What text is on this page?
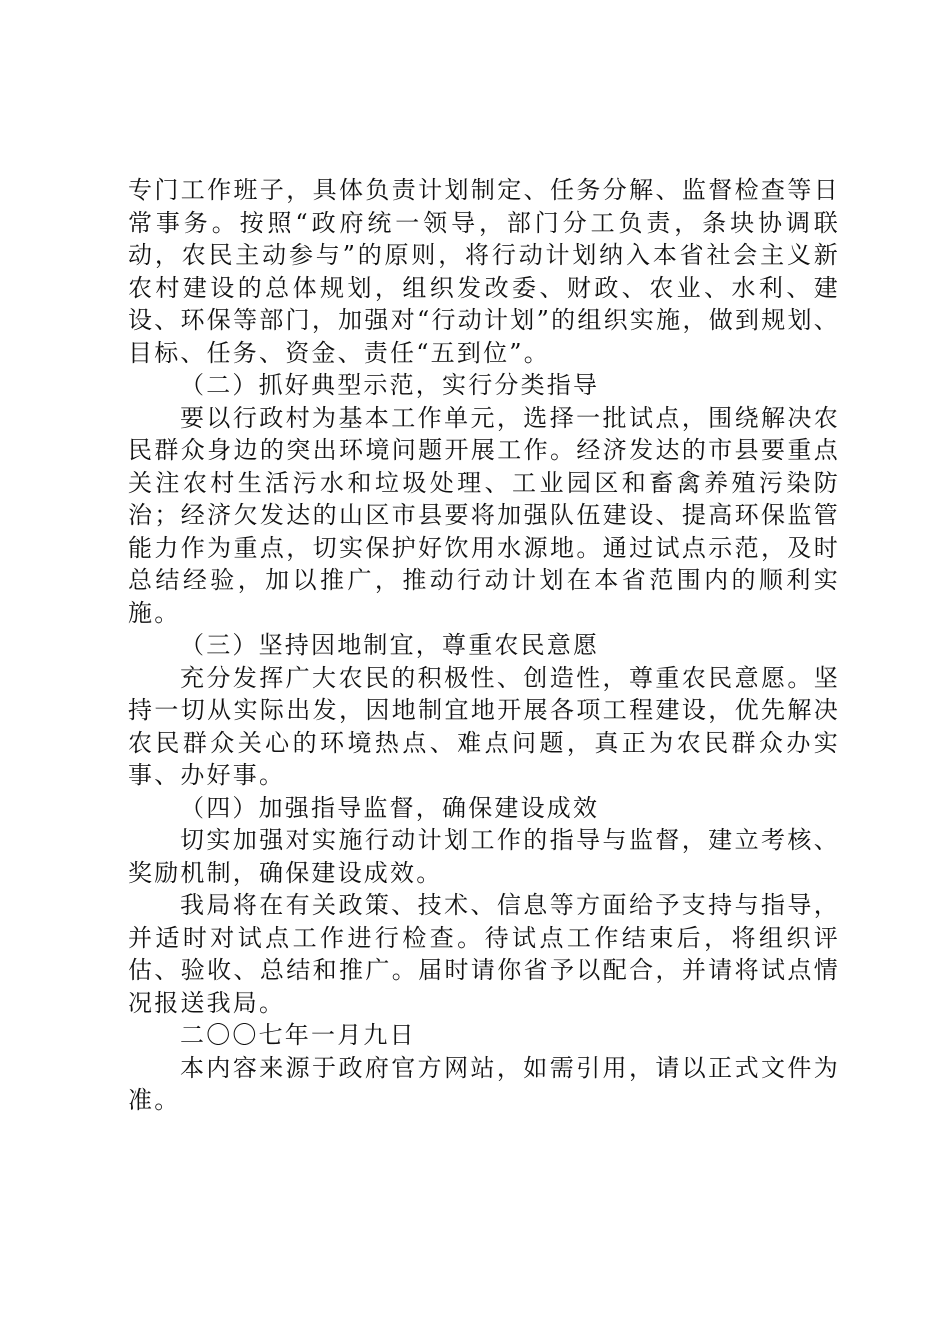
专门工作班子，具体负责计划制定、任务分解、监督检查等日常事务。按照“政府统一领导，部门分工负责，条块协调联动，农民主动参与”的原则，将行动计划纳入本省社会主义新农村建设的总体规划，组织发改委、财政、农业、水利、建设、环保等部门，加强对“行动计划”的组织实施，做到规划、目标、任务、资金、责任“五到位”。

（二）抓好典型示范，实行分类指导

要以行政村为基本工作单元，选择一批试点，围绕解决农民群众身边的突出环境问题开展工作。经济发达的市县要重点关注农村生活污水和垃圾处理、工业园区和畜禽养殖污染防治；经济欠发达的山区市县要将加强队伍建设、提高环保监管能力作为重点，切实保护好饮用水源地。通过试点示范，及时总结经验，加以推广，推动行动计划在本省范围内的顺利实施。

（三）坚持因地制宜，尊重农民意愿

充分发挥广大农民的积极性、创造性，尊重农民意愿。坚持一切从实际出发，因地制宜地开展各项工程建设，优先解决农民群众关心的环境热点、难点问题，真正为农民群众办实事、办好事。

（四）加强指导监督，确保建设成效

切实加强对实施行动计划工作的指导与监督，建立考核、奖励机制，确保建设成效。

我局将在有关政策、技术、信息等方面给予支持与指导，并适时对试点工作进行检查。待试点工作结束后，将组织评估、验收、总结和推广。届时请你省予以配合，并请将试点情况报送我局。

二〇〇七年一月九日

本内容来源于政府官方网站，如需引用，请以正式文件为准。
